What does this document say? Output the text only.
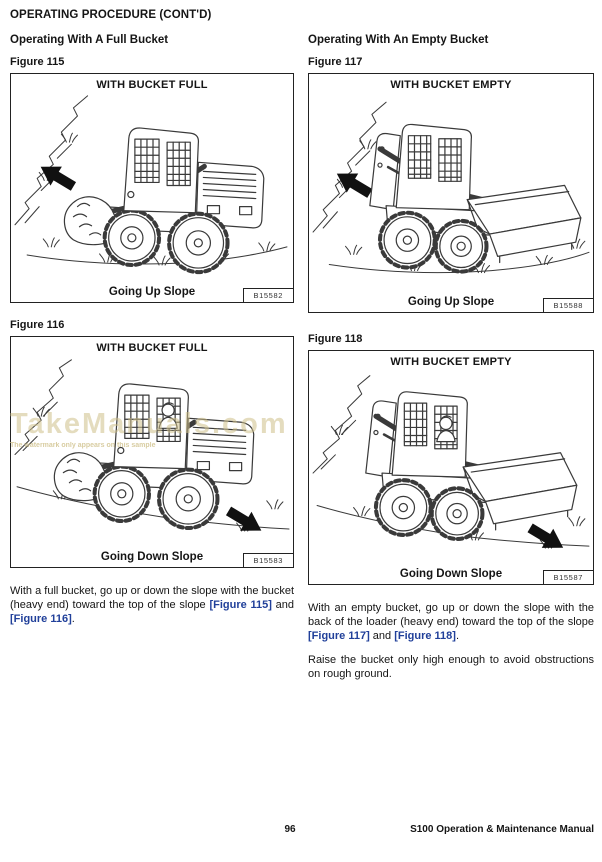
OPERATING PROCEDURE (CONT'D)
Operating With A Full Bucket
Figure 115
WITH BUCKET FULL
Going Up Slope	B15582
Figure 116
WITH BUCKET FULL
Going Down Slope	B15583

With a full bucket, go up or down the slope with the bucket (heavy end) toward the top of the slope [Figure 115] and [Figure 116].

Operating With An Empty Bucket
Figure 117
WITH BUCKET EMPTY
Going Up Slope	B15588
Figure 118
WITH BUCKET EMPTY
Going Down Slope	B15587

With an empty bucket, go up or down the slope with the back of the loader (heavy end) toward the top of the slope [Figure 117] and [Figure 118].

Raise the bucket only high enough to avoid obstructions on rough ground.

TakeManuals.com
The watermark only appears on this sample
96	S100 Operation & Maintenance Manual
